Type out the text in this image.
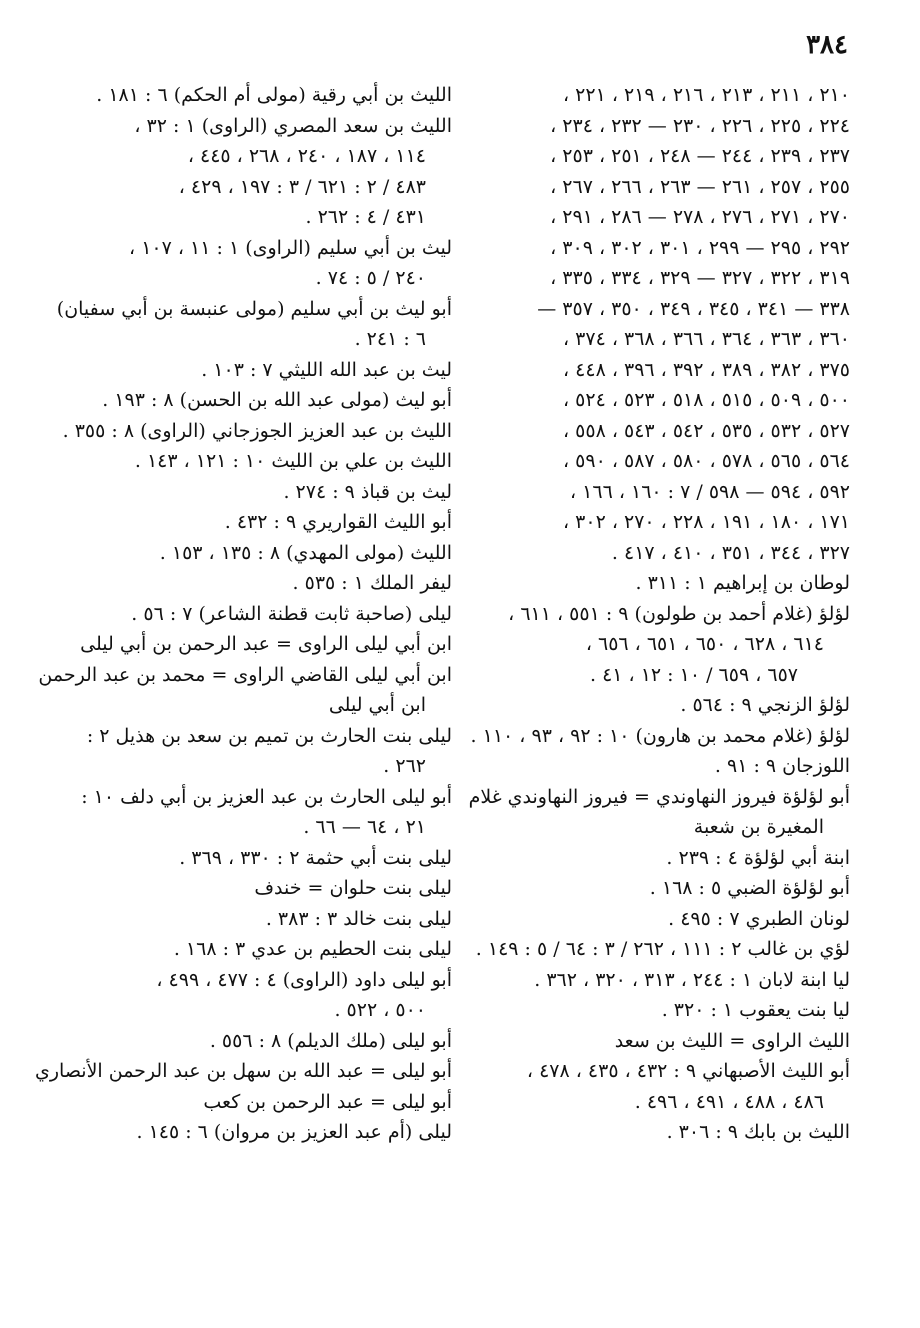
٣٨٤
٢١٠ ، ٢١١ ، ٢١٣ ، ٢١٦ ، ٢١٩ ، ٢٢١ ،
٢٢٤ ، ٢٢٥ ، ٢٢٦ ، ٢٣٠ — ٢٣٢ ، ٢٣٤ ،
٢٣٧ ، ٢٣٩ ، ٢٤٤ — ٢٤٨ ، ٢٥١ ، ٢٥٣ ،
٢٥٥ ، ٢٥٧ ، ٢٦١ — ٢٦٣ ، ٢٦٦ ، ٢٦٧ ،
٢٧٠ ، ٢٧١ ، ٢٧٦ ، ٢٧٨ — ٢٨٦ ، ٢٩١ ،
٢٩٢ ، ٢٩٥ — ٢٩٩ ، ٣٠١ ، ٣٠٢ ، ٣٠٩ ،
٣١٩ ، ٣٢٢ ، ٣٢٧ — ٣٢٩ ، ٣٣٤ ، ٣٣٥ ،
٣٣٨ — ٣٤١ ، ٣٤٥ ، ٣٤٩ ، ٣٥٠ ، ٣٥٧ —
٣٦٠ ، ٣٦٣ ، ٣٦٤ ، ٣٦٦ ، ٣٦٨ ، ٣٧٤ ،
٣٧٥ ، ٣٨٢ ، ٣٨٩ ، ٣٩٢ ، ٣٩٦ ، ٤٤٨ ،
٥٠٠ ، ٥٠٩ ، ٥١٥ ، ٥١٨ ، ٥٢٣ ، ٥٢٤ ،
٥٢٧ ، ٥٣٢ ، ٥٣٥ ، ٥٤٢ ، ٥٤٣ ، ٥٥٨ ،
٥٦٤ ، ٥٦٥ ، ٥٧٨ ، ٥٨٠ ، ٥٨٧ ، ٥٩٠ ،
٥٩٢ ، ٥٩٤ — ٥٩٨ / ٧ : ١٦٠ ، ١٦٦ ،
١٧١ ، ١٨٠ ، ١٩١ ، ٢٢٨ ، ٢٧٠ ، ٣٠٢ ،
٣٢٧ ، ٣٤٤ ، ٣٥١ ، ٤١٠ ، ٤١٧ .
لوطان بن إبراهيم ١ : ٣١١ .
لؤلؤ (غلام أحمد بن طولون) ٩ : ٥٥١ ، ٦١١ ،
٦١٤ ، ٦٢٨ ، ٦٥٠ ، ٦٥١ ، ٦٥٦ ،
٦٥٧ ، ٦٥٩ / ١٠ : ١٢ ، ٤١ .
لؤلؤ الزنجي ٩ : ٥٦٤ .
لؤلؤ (غلام محمد بن هارون) ١٠ : ٩٢ ، ٩٣ ، ١١٠ .
اللوزجان ٩ : ٩١ .
أبو لؤلؤة فيروز النهاوندي = فيروز النهاوندي غلام
المغيرة بن شعبة
ابنة أبي لؤلؤة ٤ : ٢٣٩ .
أبو لؤلؤة الضبي ٥ : ١٦٨ .
لونان الطبري ٧ : ٤٩٥ .
لؤي بن غالب ٢ : ١١١ ، ٢٦٢ / ٣ : ٦٤ / ٥ : ١٤٩ .
ليا ابنة لابان ١ : ٢٤٤ ، ٣١٣ ، ٣٢٠ ، ٣٦٢ .
ليا بنت يعقوب ١ : ٣٢٠ .
الليث الراوى = الليث بن سعد
أبو الليث الأصبهاني ٩ : ٤٣٢ ، ٤٣٥ ، ٤٧٨ ،
٤٨٦ ، ٤٨٨ ، ٤٩١ ، ٤٩٦ .
الليث بن بابك ٩ : ٣٠٦ .
الليث بن أبي رقية (مولى أم الحكم) ٦ : ١٨١ .
الليث بن سعد المصري (الراوى) ١ : ٣٢ ،
١١٤ ، ١٨٧ ، ٢٤٠ ، ٢٦٨ ، ٤٤٥ ،
٤٨٣ / ٢ : ٦٢١ / ٣ : ١٩٧ ، ٤٢٩ ،
٤٣١ / ٤ : ٢٦٢ .
ليث بن أبي سليم (الراوى) ١ : ١١ ، ١٠٧ ،
٢٤٠ / ٥ : ٧٤ .
أبو ليث بن أبي سليم (مولى عنبسة بن أبي سفيان)
٦ : ٢٤١ .
ليث بن عبد الله الليثي ٧ : ١٠٣ .
أبو ليث (مولى عبد الله بن الحسن) ٨ : ١٩٣ .
الليث بن عبد العزيز الجوزجاني (الراوى) ٨ : ٣٥٥ .
الليث بن علي بن الليث ١٠ : ١٢١ ، ١٤٣ .
ليث بن قباذ ٩ : ٢٧٤ .
أبو الليث القواريري ٩ : ٤٣٢ .
الليث (مولى المهدي) ٨ : ١٣٥ ، ١٥٣ .
ليفر الملك ١ : ٥٣٥ .
ليلى (صاحبة ثابت قطنة الشاعر) ٧ : ٥٦ .
ابن أبي ليلى الراوى = عبد الرحمن بن أبي ليلى
ابن أبي ليلى القاضي الراوى = محمد بن عبد الرحمن
ابن أبي ليلى
ليلى بنت الحارث بن تميم بن سعد بن هذيل ٢ :
٢٦٢ .
أبو ليلى الحارث بن عبد العزيز بن أبي دلف ١٠ :
٢١ ، ٦٤ — ٦٦ .
ليلى بنت أبي حثمة ٢ : ٣٣٠ ، ٣٦٩ .
ليلى بنت حلوان = خندف
ليلى بنت خالد ٣ : ٣٨٣ .
ليلى بنت الحطيم بن عدي ٣ : ١٦٨ .
أبو ليلى داود (الراوى) ٤ : ٤٧٧ ، ٤٩٩ ،
٥٠٠ ، ٥٢٢ .
أبو ليلى (ملك الديلم) ٨ : ٥٥٦ .
أبو ليلى = عبد الله بن سهل بن عبد الرحمن الأنصاري
أبو ليلى = عبد الرحمن بن كعب
ليلى (أم عبد العزيز بن مروان) ٦ : ١٤٥ .
